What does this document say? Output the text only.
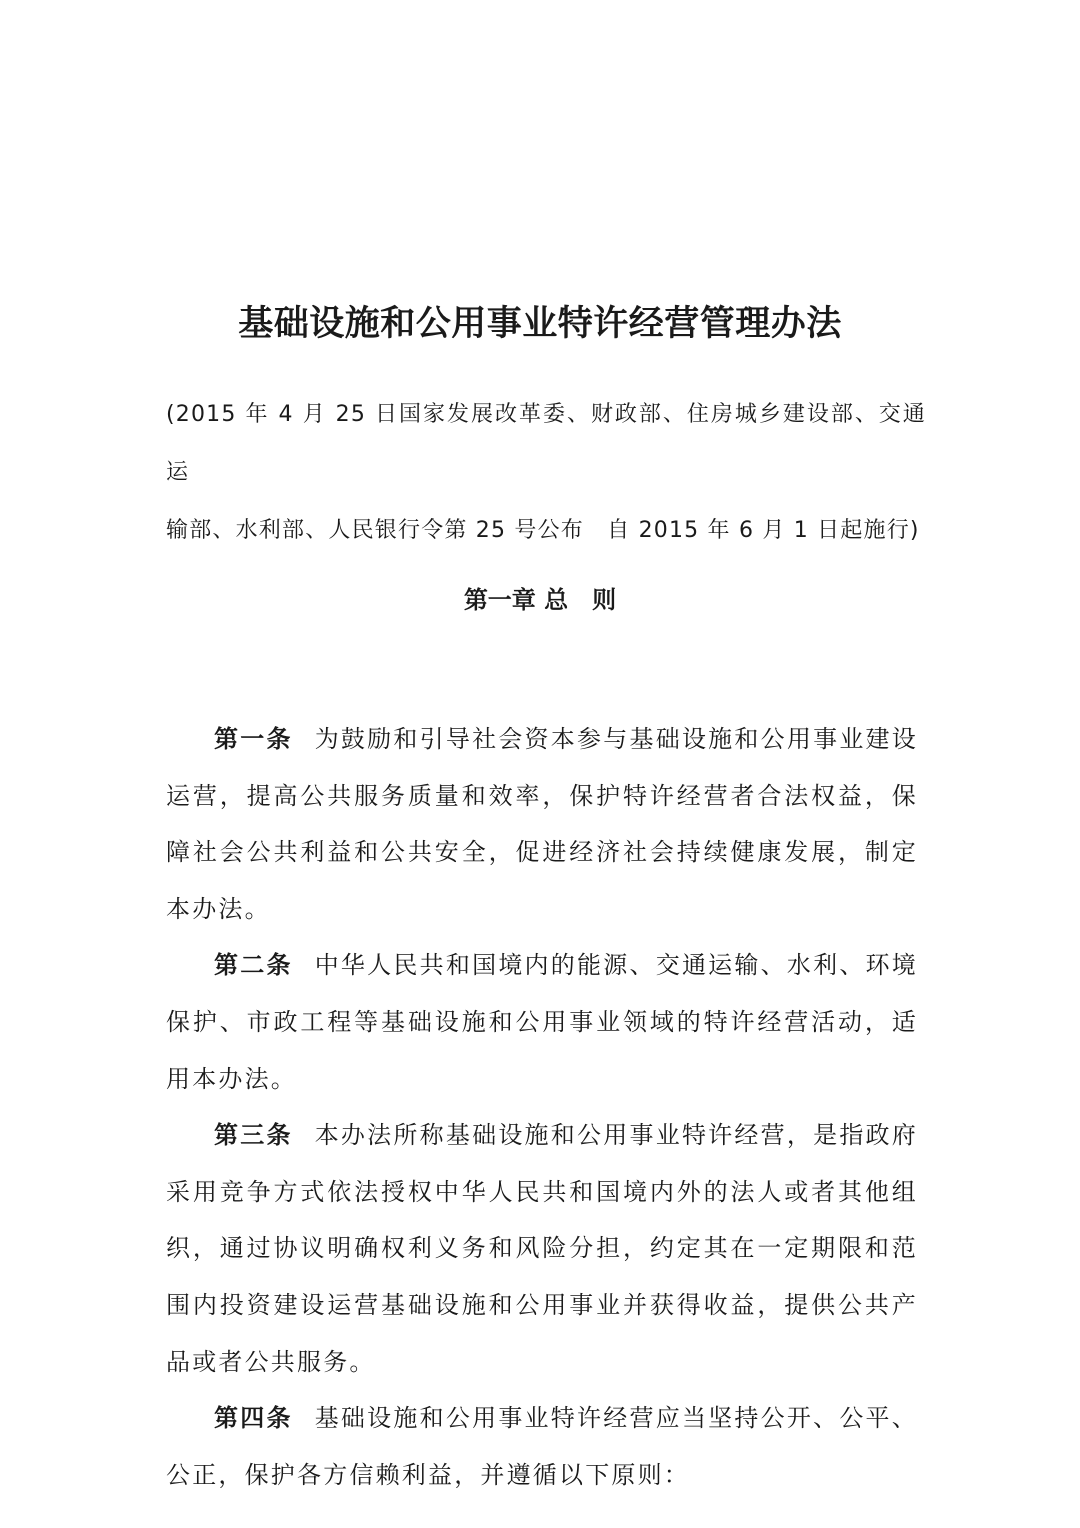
基础设施和公用事业特许经营管理办法
(2015 年 4 月 25 日国家发展改革委、财政部、住房城乡建设部、交通运
输部、水利部、人民银行令第 25 号公布　自 2015 年 6 月 1 日起施行)
第一章 总　则

第一条 为鼓励和引导社会资本参与基础设施和公用事业建设运营，提高公共服务质量和效率，保护特许经营者合法权益，保障社会公共利益和公共安全，促进经济社会持续健康发展，制定本办法。

第二条 中华人民共和国境内的能源、交通运输、水利、环境保护、市政工程等基础设施和公用事业领域的特许经营活动，适用本办法。

第三条 本办法所称基础设施和公用事业特许经营，是指政府采用竞争方式依法授权中华人民共和国境内外的法人或者其他组织，通过协议明确权利义务和风险分担，约定其在一定期限和范围内投资建设运营基础设施和公用事业并获得收益，提供公共产品或者公共服务。

第四条 基础设施和公用事业特许经营应当坚持公开、公平、公正，保护各方信赖利益，并遵循以下原则：
